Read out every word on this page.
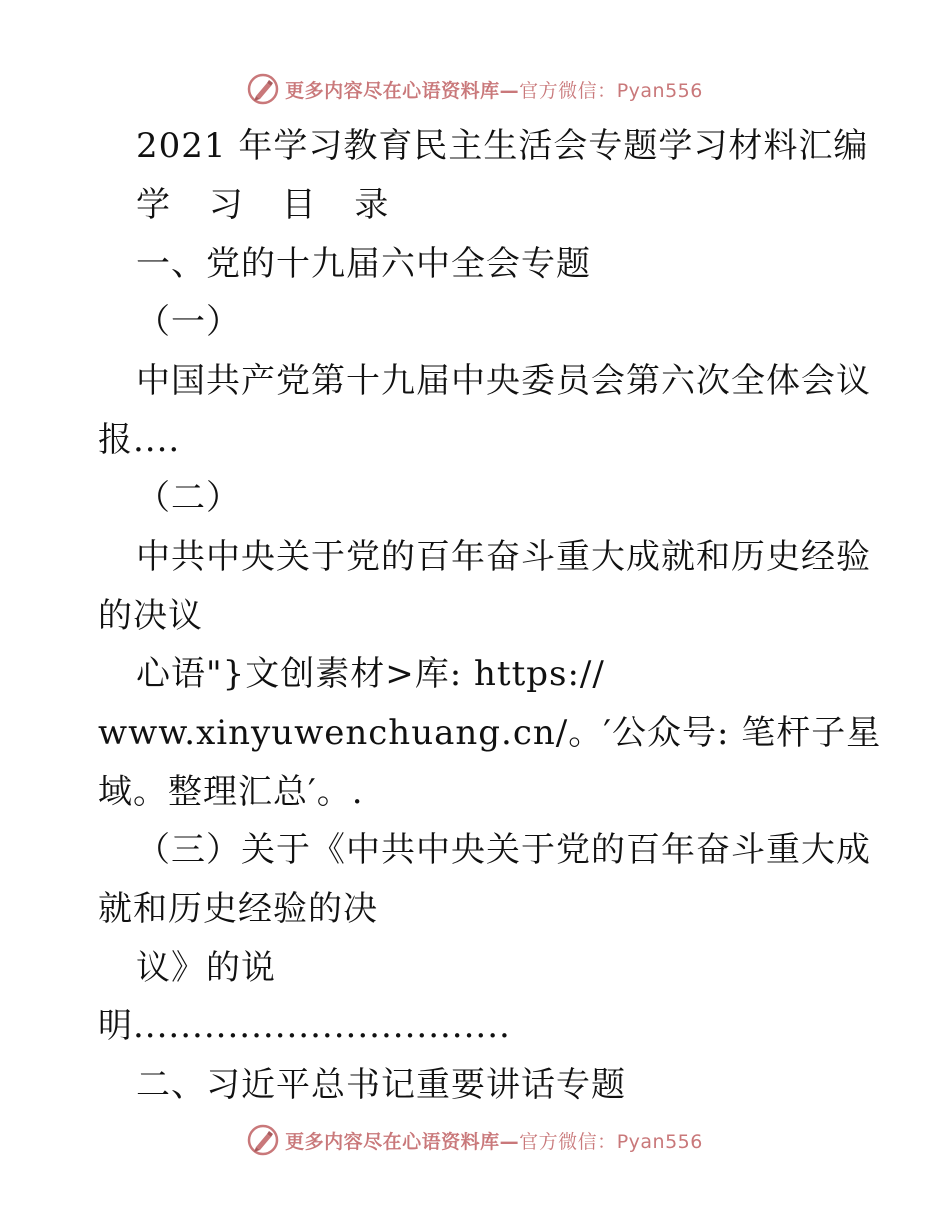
更多内容尽在心语资料库—官方微信：Pyan556
2021 年学习教育民主生活会专题学习材料汇编
学 习 目 录
一、党的十九届六中全会专题
（一）
中国共产党第十九届中央委员会第六次全体会议
报....
（二）
中共中央关于党的百年奋斗重大成就和历史经验
的决议
心语"}文创素材>库: https://
www.xinyuwenchuang.cn/。′公众号: 笔杆子星
域。整理汇总′。.
（三）关于《中共中央关于党的百年奋斗重大成
就和历史经验的决
议》的说
明................................
二、习近平总书记重要讲话专题
更多内容尽在心语资料库—官方微信：Pyan556
